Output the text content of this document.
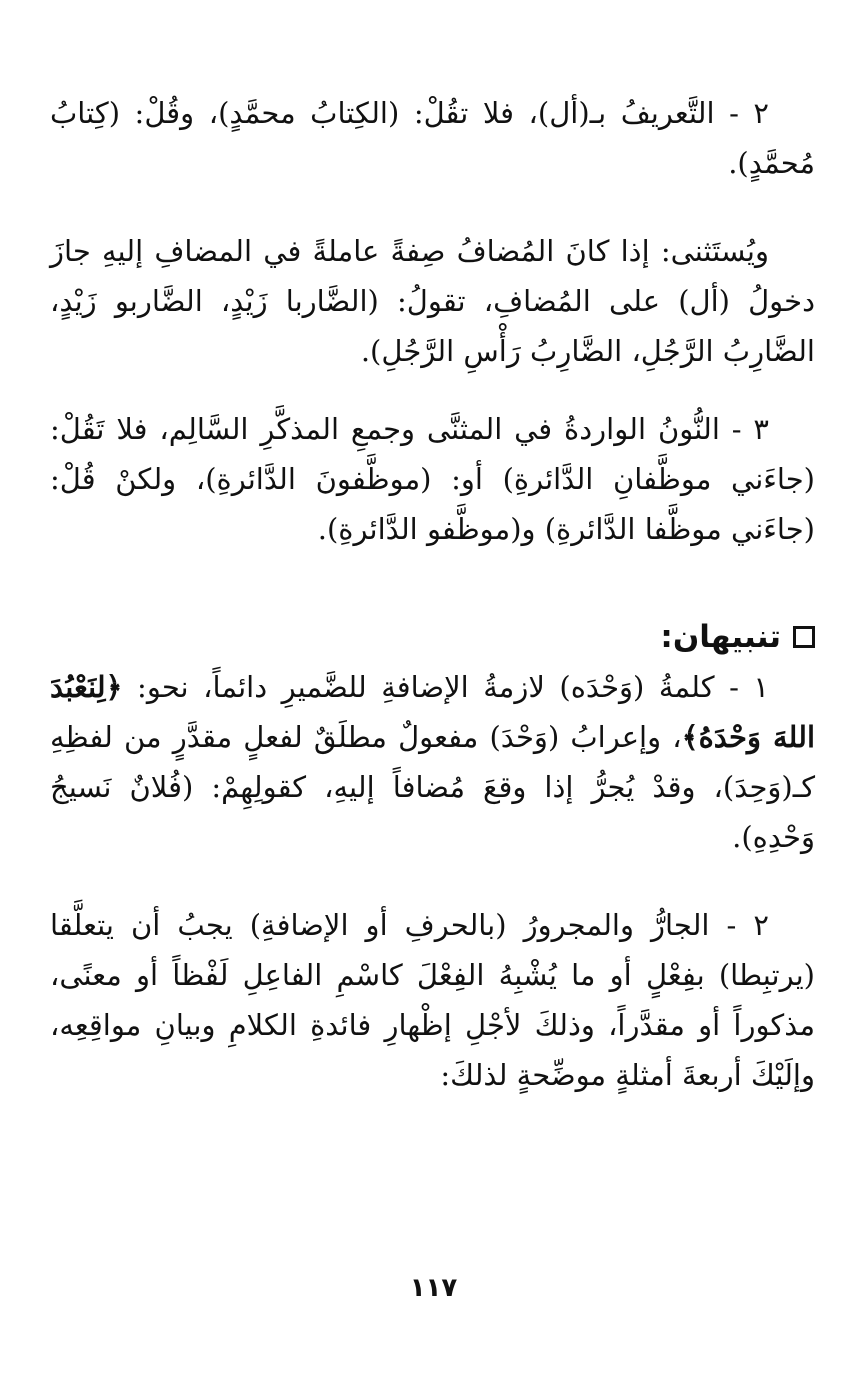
٢ - التَّعريفُ بـ(أل)، فلا تقُلْ: (الكِتابُ محمَّدٍ)، وقُلْ: (كِتابُ مُحمَّدٍ).

ويُستَثنى: إذا كانَ المُضافُ صِفةً عاملةً في المضافِ إليهِ جازَ دخولُ (أل) على المُضافِ، تقولُ: (الضَّاربا زَيْدٍ، الضَّاربو زَيْدٍ، الضَّارِبُ الرَّجُلِ، الضَّارِبُ رَأْسِ الرَّجُلِ).

٣ - النُّونُ الواردةُ في المثنَّى وجمعِ المذكَّرِ السَّالِم، فلا تَقُلْ: (جاءَني موظَّفانِ الدَّائرةِ) أو: (موظَّفونَ الدَّائرةِ)، ولكنْ قُلْ: (جاءَني موظَّفا الدَّائرةِ) و(موظَّفو الدَّائرةِ).

تنبيهان:

١ - كلمةُ (وَحْدَه) لازمةُ الإضافةِ للضَّميرِ دائماً، نحو: ﴿لِنَعْبُدَ اللهَ وَحْدَهُ﴾، وإعرابُ (وَحْدَ) مفعولٌ مطلَقٌ لفعلٍ مقدَّرٍ من لفظِهِ كـ(وَحِدَ)، وقدْ يُجرُّ إذا وقعَ مُضافاً إليهِ، كقولِهِمْ: (فُلانٌ نَسيجُ وَحْدِهِ).

٢ - الجارُّ والمجرورُ (بالحرفِ أو الإضافةِ) يجبُ أن يتعلَّقا (يرتبِطا) بفِعْلٍ أو ما يُشْبِهُ الفِعْلَ كاسْمِ الفاعِلِ لَفْظاً أو معنًى، مذكوراً أو مقدَّراً، وذلكَ لأجْلِ إظْهارِ فائدةِ الكلامِ وبيانِ مواقِعِه، وإلَيْكَ أربعةَ أمثلةٍ موضِّحةٍ لذلكَ:

١١٧
